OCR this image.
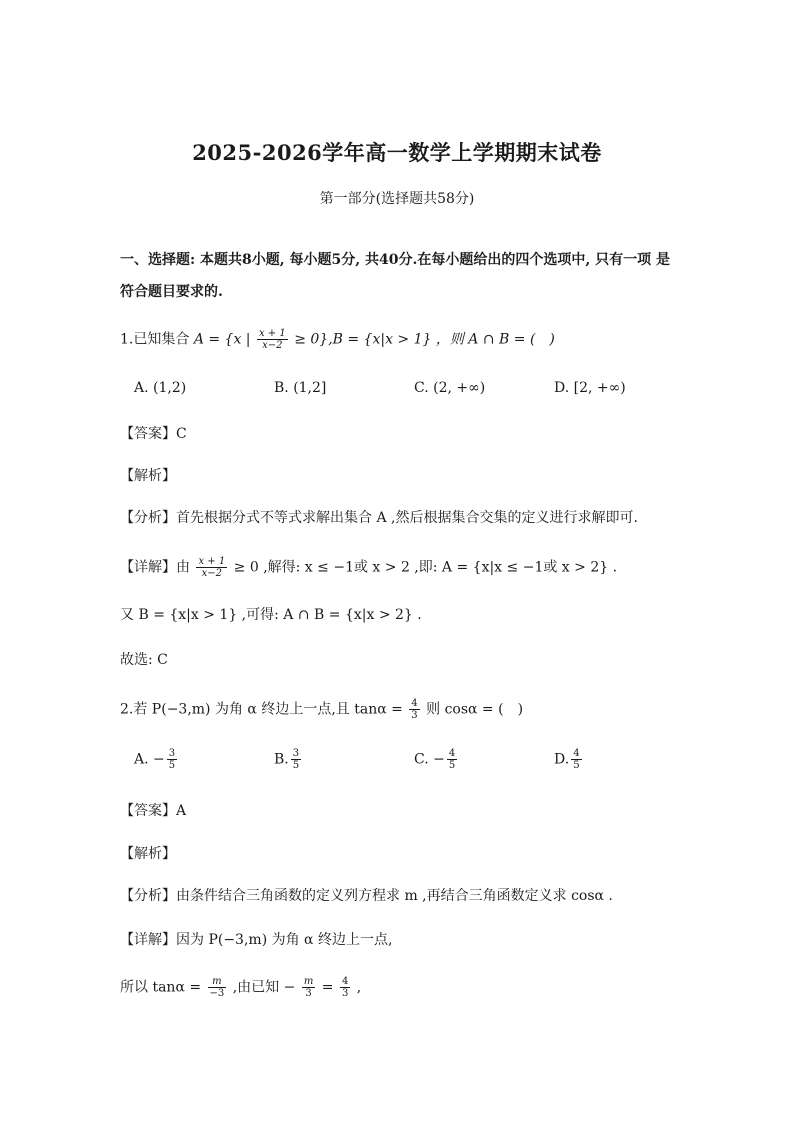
2025-2026学年高一数学上学期期末试卷
第一部分(选择题共58分)
一、选择题: 本题共8小题, 每小题5分, 共40分.在每小题给出的四个选项中, 只有一项 是
符合题目要求的.
1.已知集合 A = {x | $\frac{x + 1}{x-2} \ge 0\},B = \{x|x > 1\}$ ，则 A ∩ B = (　)
A. (1,2)	B. (1,2]	C. (2, +∞)	D. [2, +∞)
【答案】C
【解析】
【分析】首先根据分式不等式求解出集合 A ,然后根据集合交集的定义进行求解即可.
【详解】由 $\frac{x + 1}{x-2} \ge 0$ ,解得: x ≤ −1或 x > 2 ,即: A = {x|x ≤ −1或 x > 2} .
又 B = {x|x > 1} ,可得: A ∩ B = {x|x > 2} .
故选: C
2.若 P(−3,m) 为角 α 终边上一点,且 $\tan\alpha = \frac{4}{3}$ 则 cosα = (　)
A. − $\frac{3}{5}$	B. $\frac{3}{5}$	C. − $\frac{4}{5}$	D. $\frac{4}{5}$
【答案】A
【解析】
【分析】由条件结合三角函数的定义列方程求 m ,再结合三角函数定义求 cosα .
【详解】因为 P(−3,m) 为角 α 终边上一点,
所以 $\tan\alpha = \frac{m}{-3}$ ,由已知 − $\frac{m}{3} = \frac{4}{3}$ ,
